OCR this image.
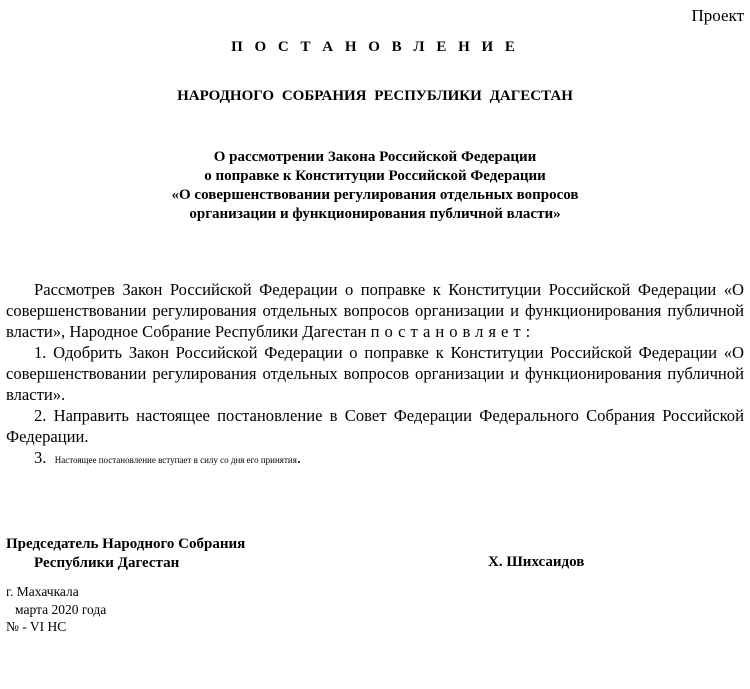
Проект
П О С Т А Н О В Л Е Н И Е
НАРОДНОГО СОБРАНИЯ РЕСПУБЛИКИ ДАГЕСТАН
О рассмотрении Закона Российской Федерации
о поправке к Конституции Российской Федерации
«О совершенствовании регулирования отдельных вопросов
организации и функционирования публичной власти»

Рассмотрев Закон Российской Федерации о поправке к Конституции Российской Федерации «О совершенствовании регулирования отдельных вопросов организации и функционирования публичной власти», Народное Собрание Республики Дагестан постановляет:

1. Одобрить Закон Российской Федерации о поправке к Конституции Российской Федерации «О совершенствовании регулирования отдельных вопросов организации и функционирования публичной власти».

2. Направить настоящее постановление в Совет Федерации Федерального Собрания Российской Федерации.

3. Настоящее постановление вступает в силу со дня его принятия.

Председатель Народного Собрания
Республики Дагестан	Х. Шихсаидов
г. Махачкала
марта 2020 года
№ - VI НС
